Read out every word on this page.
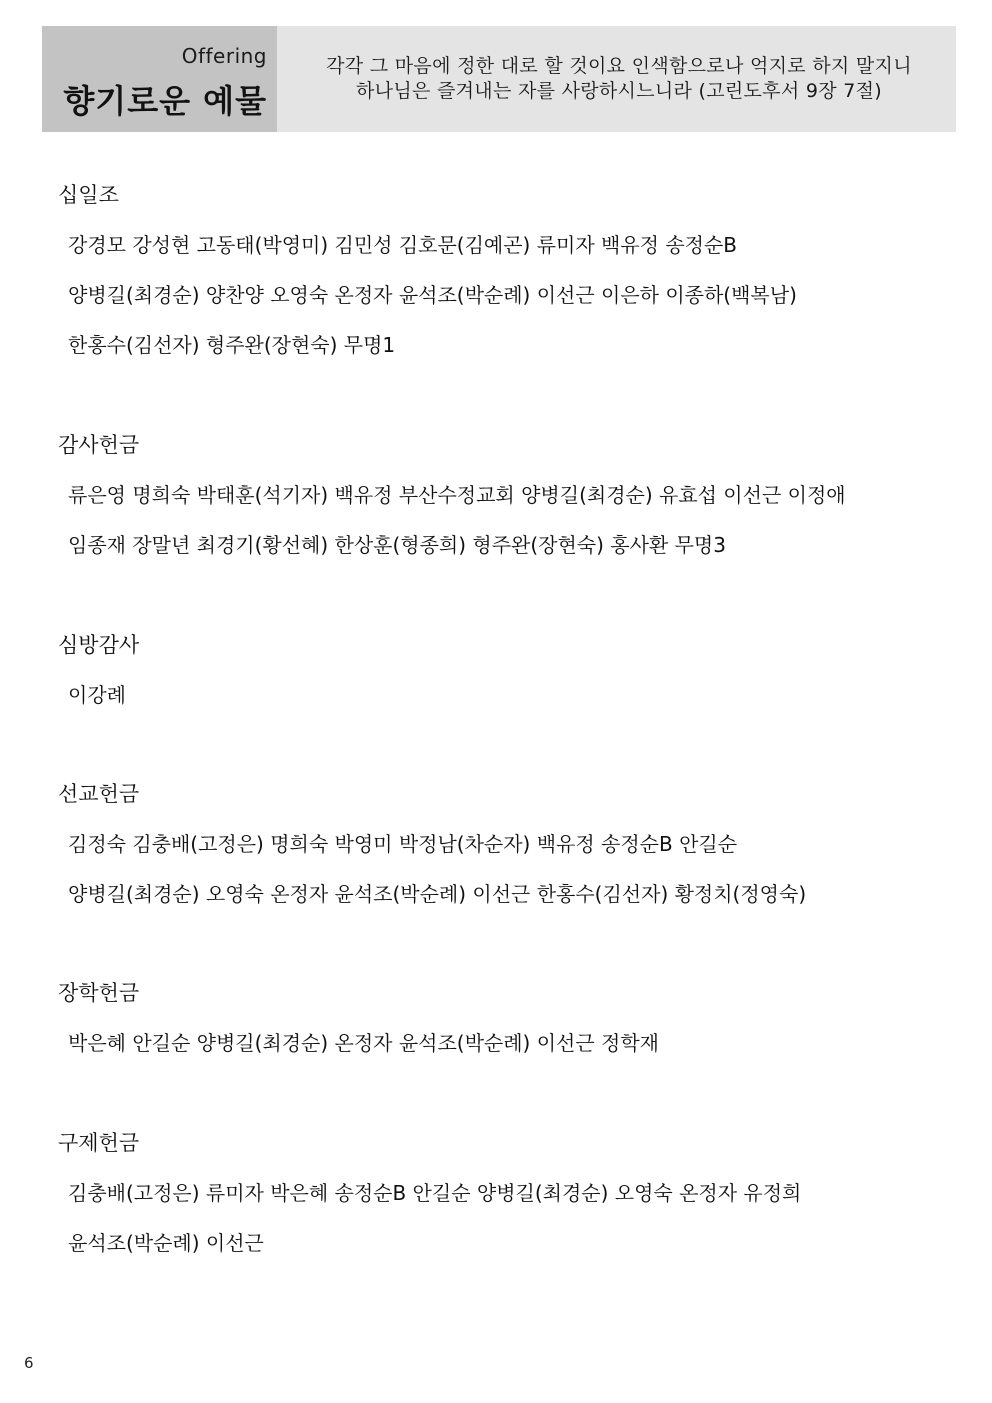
Offering
향기로운 예물
각각 그 마음에 정한 대로 할 것이요 인색함으로나 억지로 하지 말지니
하나님은 즐겨내는 자를 사랑하시느니라 (고린도후서 9장 7절)
십일조

강경모 강성현 고동태(박영미) 김민성 김호문(김예곤) 류미자 백유정 송정순B

양병길(최경순) 양찬양 오영숙 온정자 윤석조(박순례) 이선근 이은하 이종하(백복남)

한홍수(김선자) 형주완(장현숙) 무명1

감사헌금

류은영 명희숙 박태훈(석기자) 백유정 부산수정교회 양병길(최경순) 유효섭 이선근 이정애

임종재 장말년 최경기(황선혜) 한상훈(형종희) 형주완(장현숙) 홍사환 무명3

심방감사

이강례

선교헌금

김정숙 김충배(고정은) 명희숙 박영미 박정남(차순자) 백유정 송정순B 안길순

양병길(최경순) 오영숙 온정자 윤석조(박순례) 이선근 한홍수(김선자) 황정치(정영숙)

장학헌금

박은혜 안길순 양병길(최경순) 온정자 윤석조(박순례) 이선근 정학재

구제헌금

김충배(고정은) 류미자 박은혜 송정순B 안길순 양병길(최경순) 오영숙 온정자 유정희

윤석조(박순례) 이선근

6
